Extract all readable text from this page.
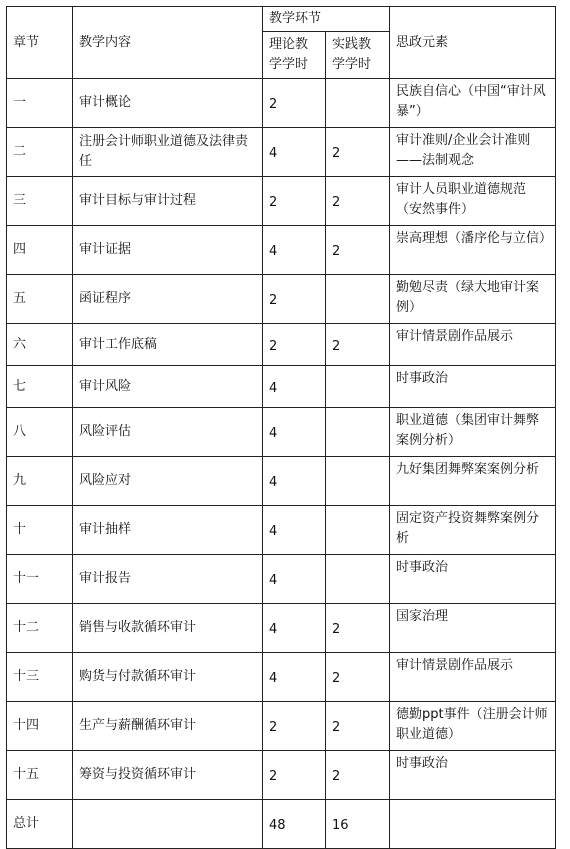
章节	教学内容	教学环节		思政元素
		理论教学学时	实践教学学时	
一	审计概论	2		民族自信心（中国“审计风暴”）
二	注册会计师职业道德及法律责任	4	2	审计准则/企业会计准则——法制观念
三	审计目标与审计过程	2	2	审计人员职业道德规范（安然事件）
四	审计证据	4	2	崇高理想（潘序伦与立信）
五	函证程序	2		勤勉尽责（绿大地审计案例）
六	审计工作底稿	2	2	审计情景剧作品展示
七	审计风险	4		时事政治
八	风险评估	4		职业道德（集团审计舞弊案例分析）
九	风险应对	4		九好集团舞弊案案例分析
十	审计抽样	4		固定资产投资舞弊案例分析
十一	审计报告	4		时事政治
十二	销售与收款循环审计	4	2	国家治理
十三	购货与付款循环审计	4	2	审计情景剧作品展示
十四	生产与薪酬循环审计	2	2	德勤ppt事件（注册会计师职业道德）
十五	筹资与投资循环审计	2	2	时事政治
总计		48	16	
